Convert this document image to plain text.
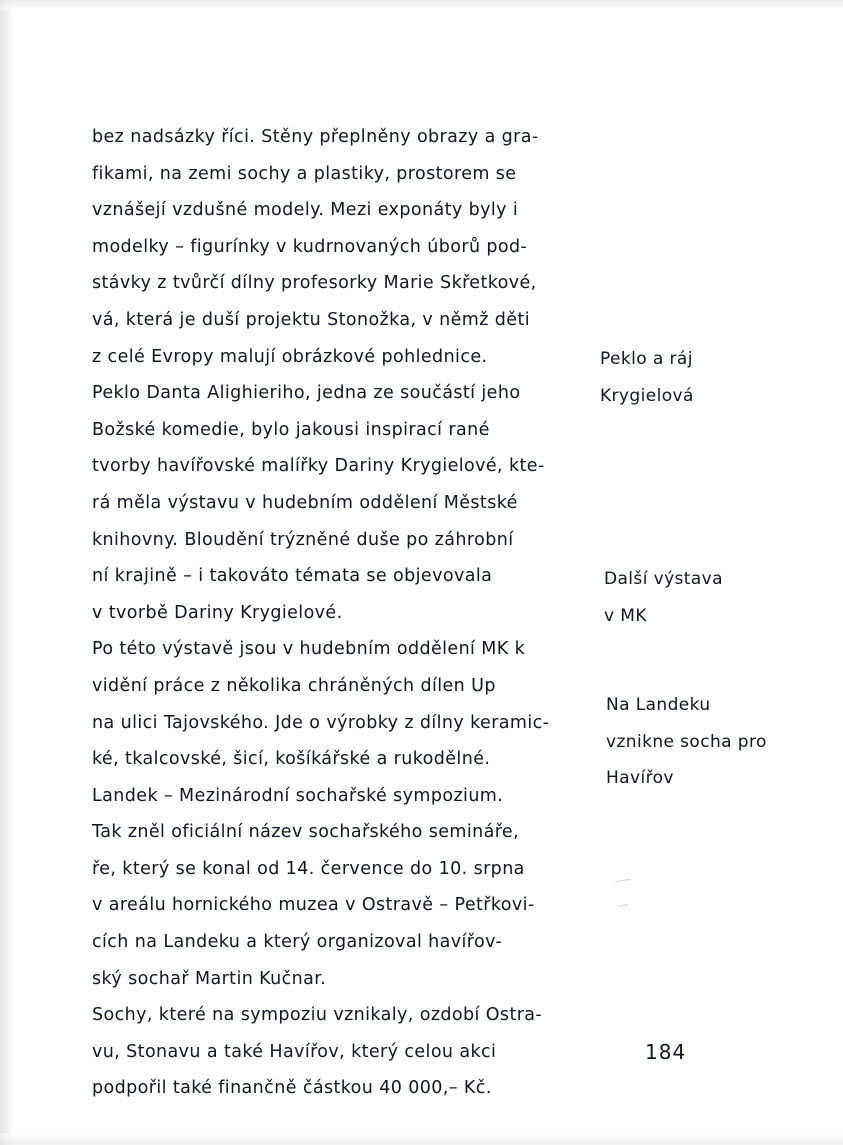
bez nadsázky říci. Stěny přeplněny obrazy a gra-
fikami, na zemi sochy a plastiky, prostorem se
vznášejí vzdušné modely. Mezi exponáty byly i
modelky – figurínky v kudrnovaných úborů pod-
stávky z tvůrčí dílny profesorky Marie Skřetkové,
vá, která je duší projektu Stonožka, v němž děti
z celé Evropy malují obrázkové pohlednice.
Peklo Danta Alighieriho, jedna ze součástí jeho
Božské komedie, bylo jakousi inspirací rané
tvorby havířovské malířky Dariny Krygielové, kte-
rá měla výstavu v hudebním oddělení Městské
knihovny. Bloudění trýzněné duše po záhrobní
ní krajině – i takováto témata se objevovala
v tvorbě Dariny Krygielové.
Po této výstavě jsou v hudebním oddělení MK k
vidění práce z několika chráněných dílen Up
na ulici Tajovského. Jde o výrobky z dílny keramic-
ké, tkalcovské, šicí, košíkářské a rukodělné.
Landek – Mezinárodní sochařské sympozium.
Tak zněl oficiální název sochařského semináře,
ře, který se konal od 14. července do 10. srpna
v areálu hornického muzea v Ostravě – Petřkovi-
cích na Landeku a který organizoval havířov-
ský sochař Martin Kučnar.
Sochy, které na sympoziu vznikaly, ozdobí Ostra-
vu, Stonavu a také Havířov, který celou akci
podpořil také finančně částkou 40 000,– Kč.
Peklo a ráj
Krygielová
Další výstava
v MK
Na Landeku
vznikne socha pro
Havířov
184
